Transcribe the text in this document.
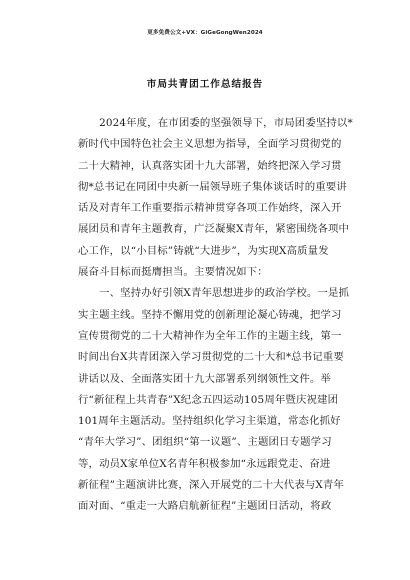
更多免费公文+VX：GiGeGongWen2024
市局共青团工作总结报告
　　2024年度，在市团委的坚强领导下，市局团委坚持以*
新时代中国特色社会主义思想为指导，全面学习贯彻党的
二十大精神，认真落实团十九大部署，始终把深入学习贯
彻*总书记在同团中央新一届领导班子集体谈话时的重要讲
话及对青年工作重要指示精神贯穿各项工作始终，深入开
展团员和青年主题教育，广泛凝聚X青年，紧密围绕各项中
心工作，以“小目标”铸就“大进步”，为实现X高质量发
展奋斗目标而挺膺担当。主要情况如下：
　　一、坚持办好引领X青年思想进步的政治学校。一是抓
实主题主线。坚持不懈用党的创新理论凝心铸魂，把学习
宣传贯彻党的二十大精神作为全年工作的主题主线，第一
时间出台X共青团深入学习贯彻党的二十大和*总书记重要
讲话以及、全面落实团十九大部署系列纲领性文件。举
行“新征程上共青春”X纪念五四运动105周年暨庆祝建团
101周年主题活动。坚持组织化学习主渠道，常态化抓好
“青年大学习”、团组织“第一议题”、主题团日专题学习
等，动员X家单位X名青年积极参加“永远跟党走、奋进
新征程”主题演讲比赛，深入开展党的二十大代表与X青年
面对面、“重走一大路启航新征程”主题团日活动，将政
